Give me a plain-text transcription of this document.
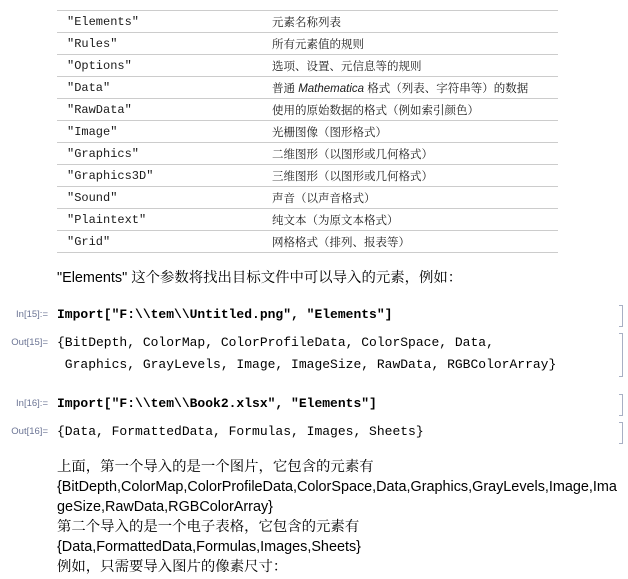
"Elements"	元素名称列表
"Rules"	所有元素值的规则
"Options"	选项、设置、元信息等的规则
"Data"	普通 Mathematica 格式（列表、字符串等）的数据
"RawData"	使用的原始数据的格式（例如索引颜色）
"Image"	光栅图像（图形格式）
"Graphics"	二维图形（以图形或几何格式）
"Graphics3D"	三维图形（以图形或几何格式）
"Sound"	声音（以声音格式）
"Plaintext"	纯文本（为原文本格式）
"Grid"	网格格式（排列、报表等）
"Elements" 这个参数将找出目标文件中可以导入的元素，例如：
In[15]:= Import["F:\\tem\\Untitled.png", "Elements"]
Out[15]= {BitDepth, ColorMap, ColorProfileData, ColorSpace, Data,
Graphics, GrayLevels, Image, ImageSize, RawData, RGBColorArray}
In[16]:= Import["F:\\tem\\Book2.xlsx", "Elements"]
Out[16]= {Data, FormattedData, Formulas, Images, Sheets}
上面，第一个导入的是一个图片，它包含的元素有
{BitDepth,ColorMap,ColorProfileData,ColorSpace,Data,Graphics,GrayLevels,Image,ImageSize,RawData,RGBColorArray}
第二个导入的是一个电子表格，它包含的元素有
{Data,FormattedData,Formulas,Images,Sheets}
例如，只需要导入图片的像素尺寸：
